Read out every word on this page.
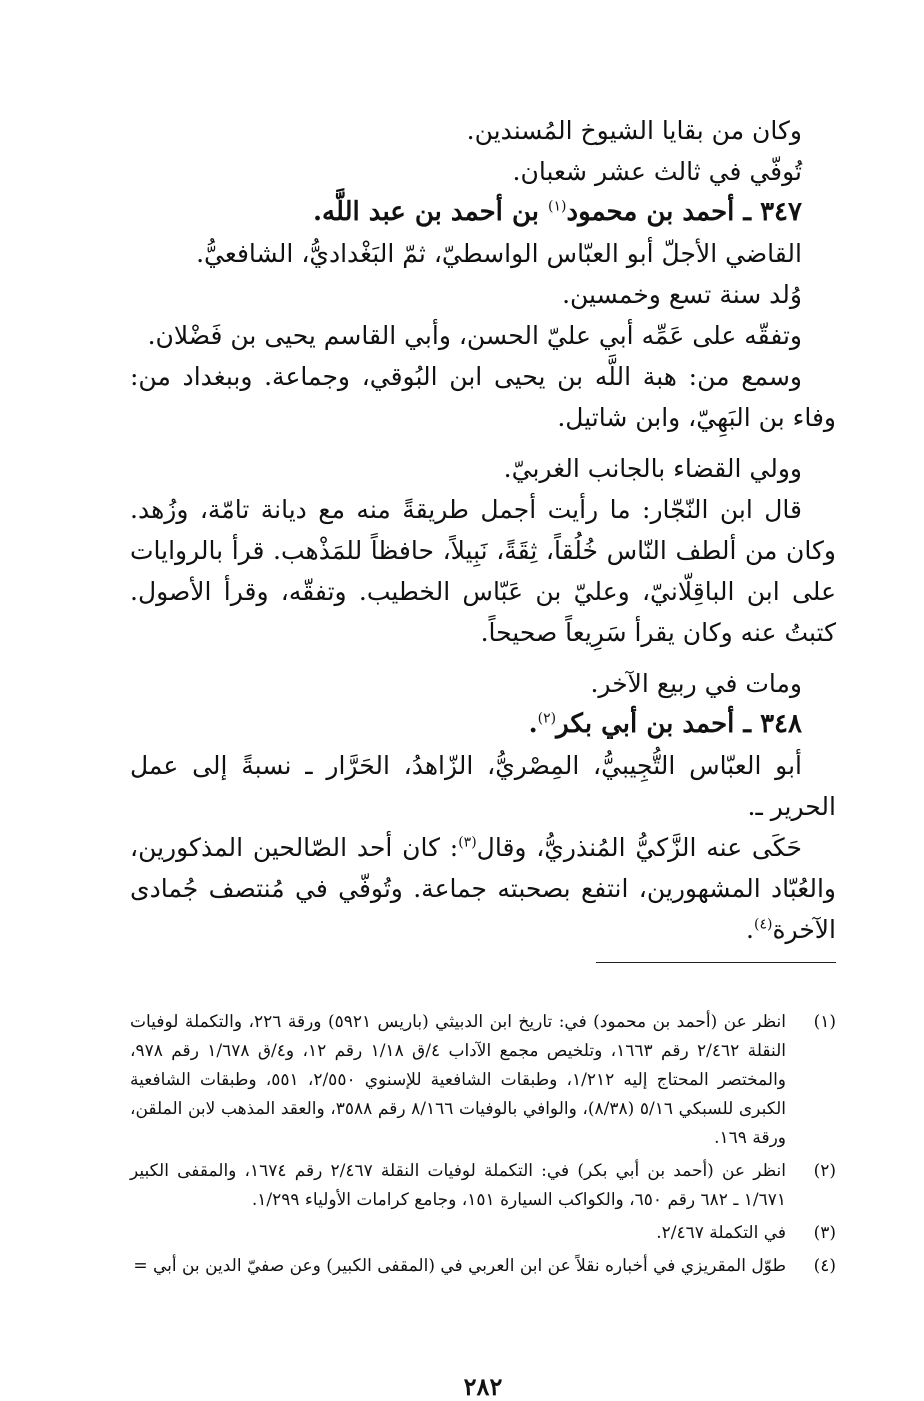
وكان من بقايا الشيوخ المُسندين.

تُوفّي في ثالث عشر شعبان.

٣٤٧ ـ أحمد بن محمود$^{(١)}$ بن أحمد بن عبد اللَّه.

القاضي الأجلّ أبو العبّاس الواسطيّ، ثمّ البَغْداديُّ، الشافعيُّ.

وُلد سنة تسع وخمسين.

وتفقّه على عَمِّه أبي عليّ الحسن، وأبي القاسم يحيى بن فَضْلان.

وسمع من: هبة اللَّه بن يحيى ابن البُوقي، وجماعة. وببغداد من: وفاء بن البَهِيّ، وابن شاتيل.

وولي القضاء بالجانب الغربيّ.

قال ابن النّجّار: ما رأيت أجمل طريقةً منه مع ديانة تامّة، وزُهد. وكان من ألطف النّاس خُلُقاً، ثِقَةً، نَبِيلاً، حافظاً للمَذْهب. قرأ بالروايات على ابن الباقِلّانيّ، وعليّ بن عَبّاس الخطيب. وتفقّه، وقرأ الأصول. كتبتُ عنه وكان يقرأ سَرِيعاً صحيحاً.

ومات في ربيع الآخر.

٣٤٨ ـ أحمد بن أبي بكر$^{(٢)}$.

أبو العبّاس التُّجِيبيُّ، المِصْريُّ، الزّاهدُ، الحَرَّار ـ نسبةً إلى عمل الحرير ـ.

حَكَى عنه الزَّكيُّ المُنذريُّ، وقال$^{(٣)}$: كان أحد الصّالحين المذكورين، والعُبّاد المشهورين، انتفع بصحبته جماعة. وتُوفّي في مُنتصف جُمادى الآخرة$^{(٤)}$.

(١)
انظر عن (أحمد بن محمود) في: تاريخ ابن الدبيثي (باريس ٥٩٢١) ورقة ٢٢٦، والتكملة لوفيات النقلة ٢/٤٦٢ رقم ١٦٦٣، وتلخيص مجمع الآداب ٤/ق ١/١٨ رقم ١٢، و٤/ق ١/٦٧٨ رقم ٩٧٨، والمختصر المحتاج إليه ١/٢١٢، وطبقات الشافعية للإسنوي ٢/٥٥٠، ٥٥١، وطبقات الشافعية الكبرى للسبكي ٥/١٦ (٨/٣٨)، والوافي بالوفيات ٨/١٦٦ رقم ٣٥٨٨، والعقد المذهب لابن الملقن، ورقة ١٦٩.
(٢)
انظر عن (أحمد بن أبي بكر) في: التكملة لوفيات النقلة ٢/٤٦٧ رقم ١٦٧٤، والمقفى الكبير ١/٦٧١ ـ ٦٨٢ رقم ٦٥٠، والكواكب السيارة ١٥١، وجامع كرامات الأولياء ١/٢٩٩.
(٣)
في التكملة ٢/٤٦٧.
(٤)
طوّل المقريزي في أخباره نقلاً عن ابن العربي في (المقفى الكبير) وعن صفيّ الدين بن أبي =
٢٨٢
